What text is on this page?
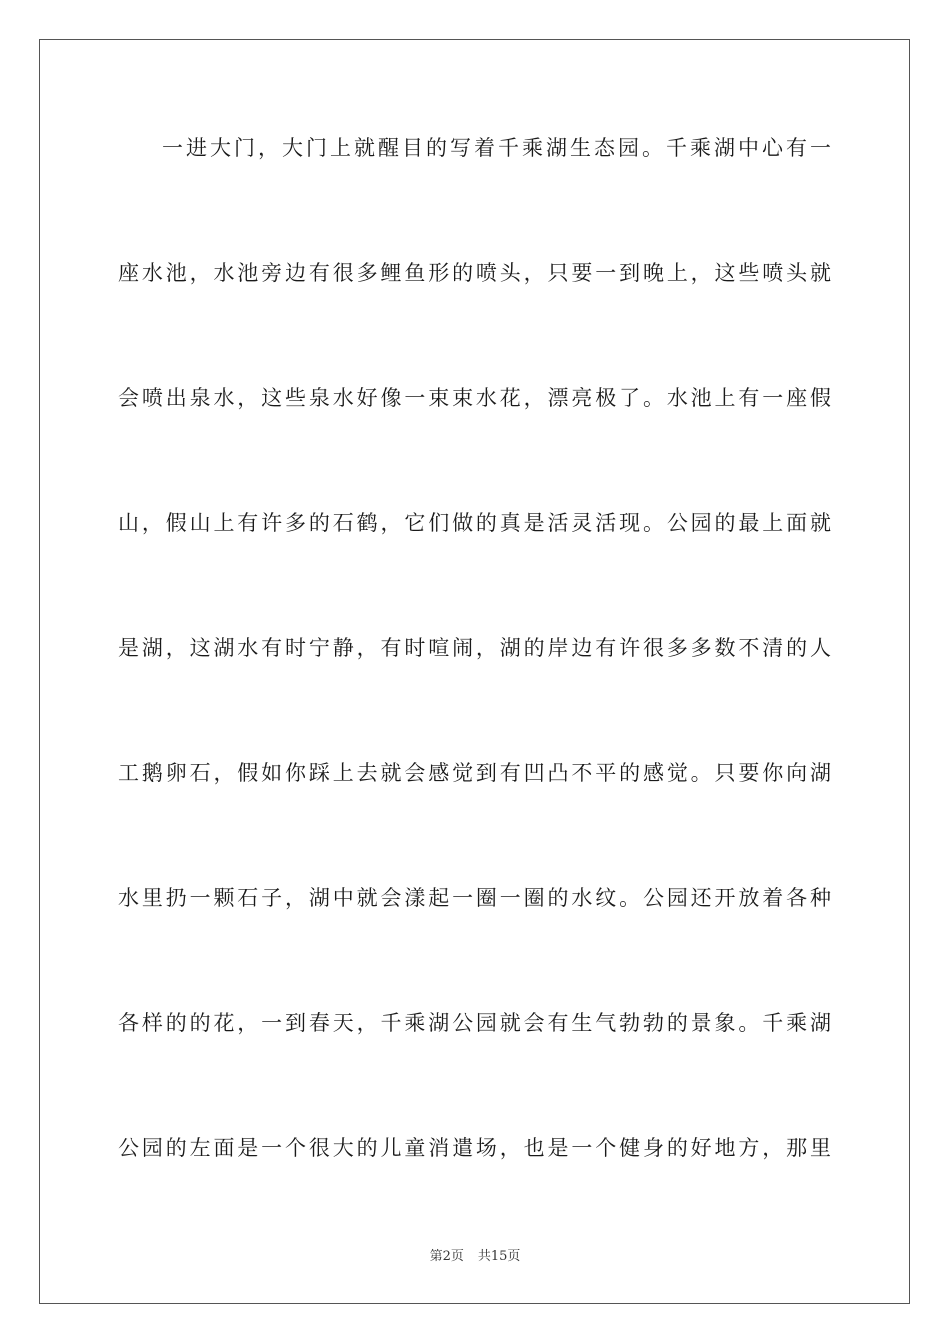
一进大门，大门上就醒目的写着千乘湖生态园。千乘湖中心有一
座水池，水池旁边有很多鲤鱼形的喷头，只要一到晚上，这些喷头就
会喷出泉水，这些泉水好像一束束水花，漂亮极了。水池上有一座假
山，假山上有许多的石鹤，它们做的真是活灵活现。公园的最上面就
是湖，这湖水有时宁静，有时喧闹，湖的岸边有许很多多数不清的人
工鹅卵石，假如你踩上去就会感觉到有凹凸不平的感觉。只要你向湖
水里扔一颗石子，湖中就会漾起一圈一圈的水纹。公园还开放着各种
各样的的花，一到春天，千乘湖公园就会有生气勃勃的景象。千乘湖
公园的左面是一个很大的儿童消遣场，也是一个健身的好地方，那里
第2页 共15页
